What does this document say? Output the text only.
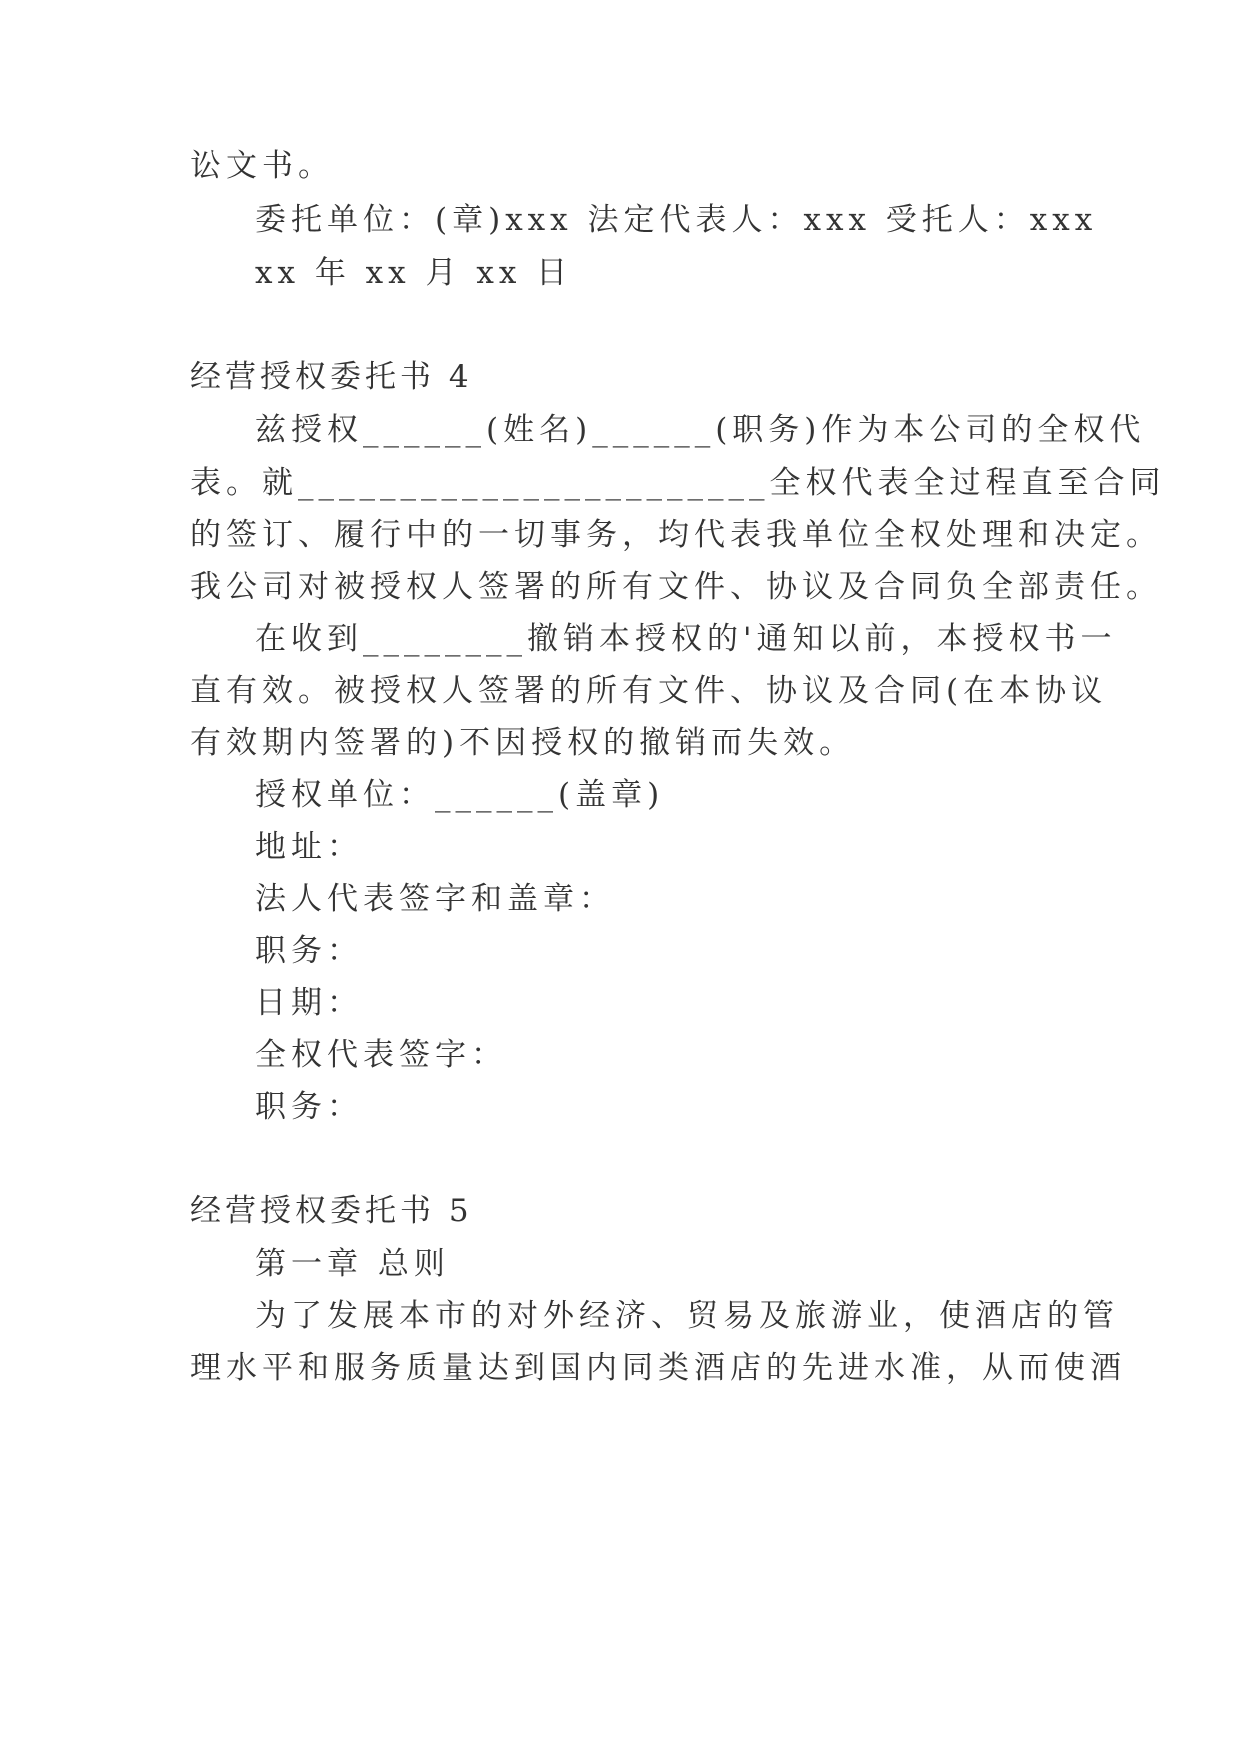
讼文书。
委托单位：(章)xxx 法定代表人：xxx 受托人：xxx
xx 年 xx 月 xx 日
经营授权委托书 4
兹授权______(姓名)______(职务)作为本公司的全权代
表。就_______________________全权代表全过程直至合同
的签订、履行中的一切事务，均代表我单位全权处理和决定。
我公司对被授权人签署的所有文件、协议及合同负全部责任。
在收到________撤销本授权的'通知以前，本授权书一
直有效。被授权人签署的所有文件、协议及合同(在本协议
有效期内签署的)不因授权的撤销而失效。
授权单位：______(盖章)
地址：
法人代表签字和盖章：
职务：
日期：
全权代表签字：
职务：
经营授权委托书 5
第一章 总则
为了发展本市的对外经济、贸易及旅游业，使酒店的管
理水平和服务质量达到国内同类酒店的先进水准，从而使酒
